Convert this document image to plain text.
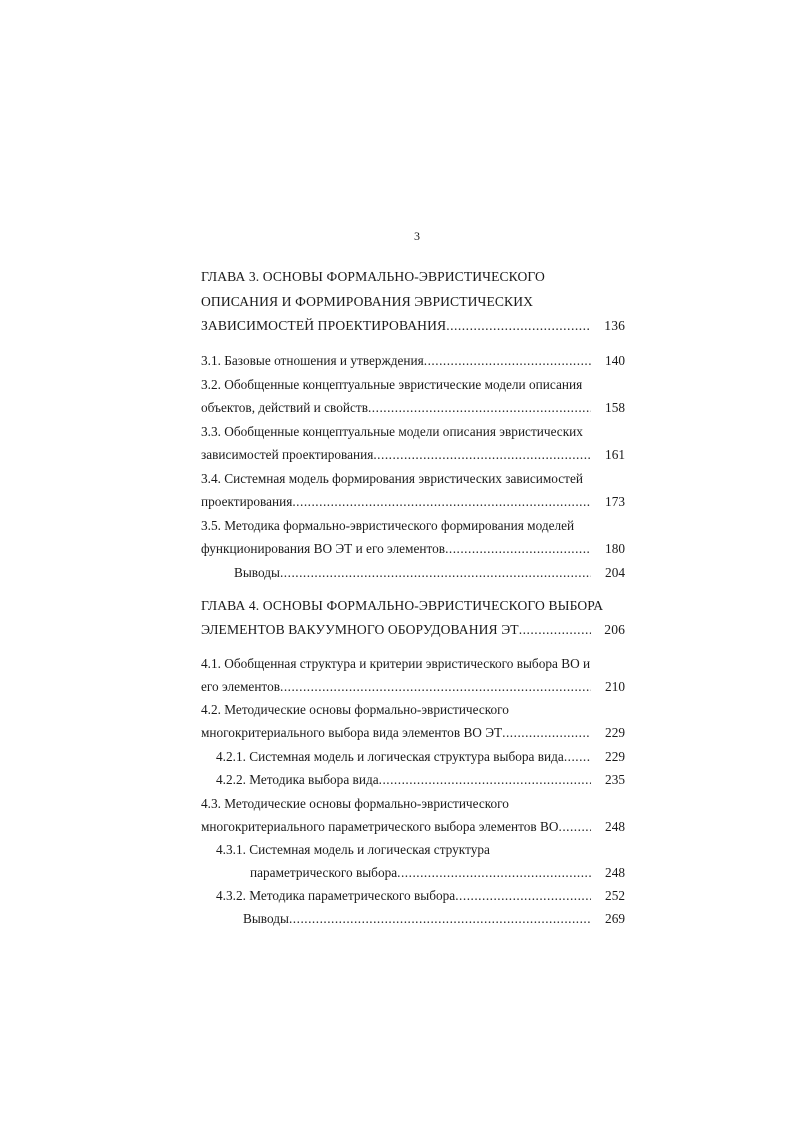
3
ГЛАВА 3. ОСНОВЫ ФОРМАЛЬНО-ЭВРИСТИЧЕСКОГО
ОПИСАНИЯ И ФОРМИРОВАНИЯ ЭВРИСТИЧЕСКИХ
ЗАВИСИМОСТЕЙ ПРОЕКТИРОВАНИЯ .....	136
3.1. Базовые отношения и утверждения .....	140
3.2. Обобщенные концептуальные эвристические модели описания
объектов, действий и свойств .....	158
3.3. Обобщенные концептуальные модели описания эвристических
зависимостей проектирования .....	161
3.4. Системная модель формирования эвристических зависимостей
проектирования .....	173
3.5. Методика формально-эвристического формирования моделей
функционирования ВО ЭТ и его элементов .....	180
Выводы .....	204
ГЛАВА 4. ОСНОВЫ ФОРМАЛЬНО-ЭВРИСТИЧЕСКОГО ВЫБОРА
ЭЛЕМЕНТОВ ВАКУУМНОГО ОБОРУДОВАНИЯ ЭТ .....	206
4.1. Обобщенная структура и критерии эвристического выбора ВО и
его элементов .....	210
4.2. Методические основы формально-эвристического
многокритериального выбора вида элементов ВО ЭТ .....	229
4.2.1. Системная модель и логическая структура выбора вида .....	229
4.2.2. Методика выбора вида .....	235
4.3. Методические основы формально-эвристического
многокритериального параметрического выбора элементов ВО .....	248
4.3.1. Системная модель и логическая структура
параметрического выбора .....	248
4.3.2. Методика параметрического выбора .....	252
Выводы .....	269
